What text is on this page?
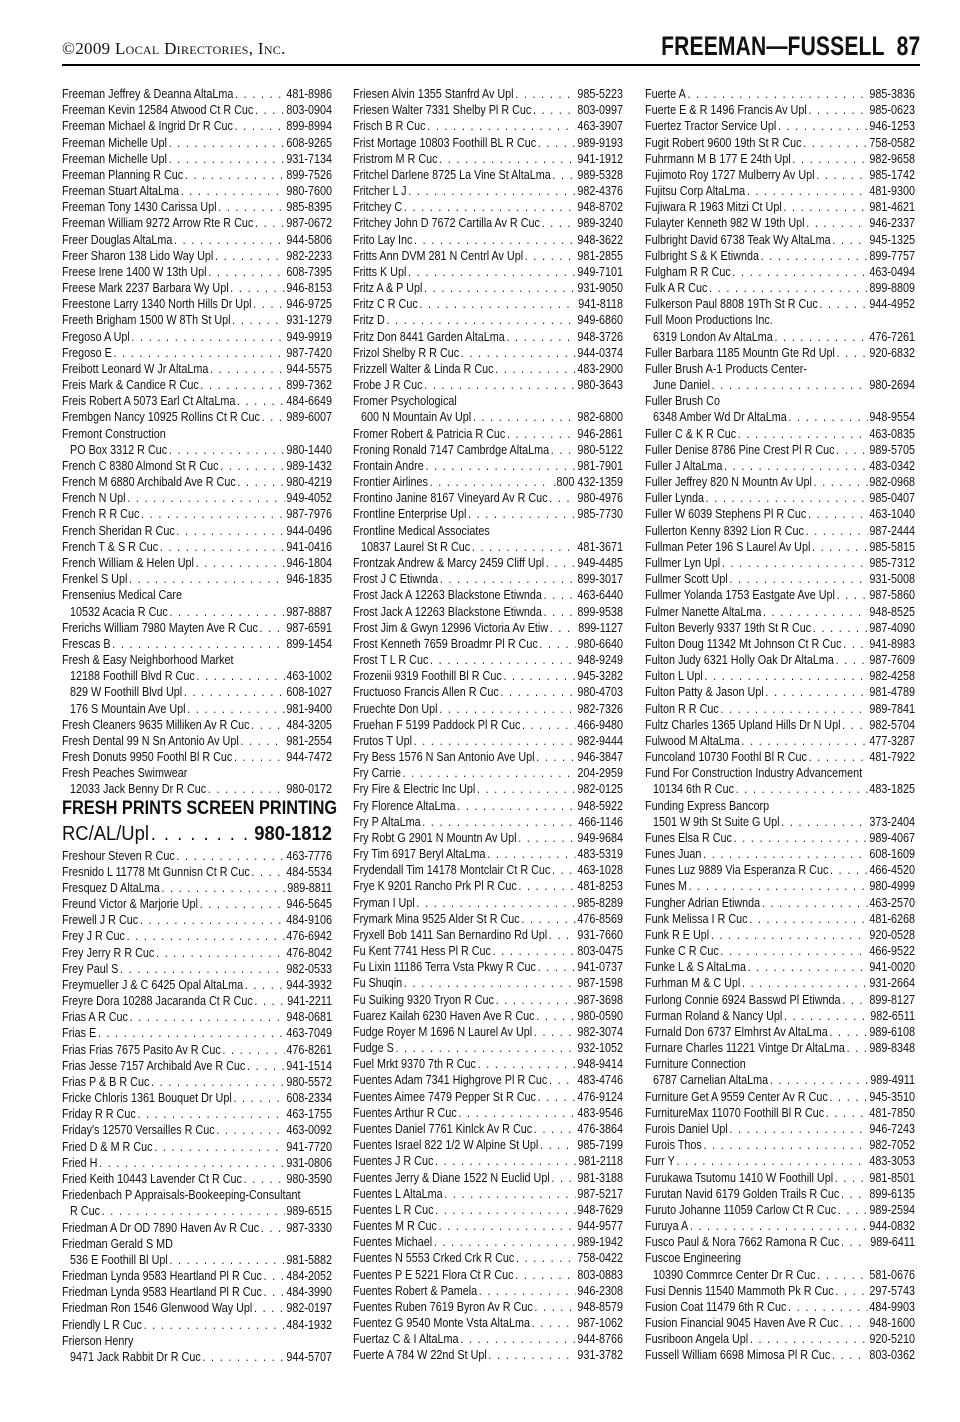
©2009 Local Directories, Inc.	FREEMAN—FUSSELL 87
Freeman Jeffrey & Deanna AltaLma . . .	481-8986
Freeman Kevin 12584 Atwood Ct R Cuc . . .	803-0904
Freeman Michael & Ingrid Dr R Cuc . . .	899-8994
Freeman Michelle Upl . . .	608-9265
Freeman Michelle Upl . . .	931-7134
Freeman Planning R Cuc . . .	899-7526
Freeman Stuart AltaLma . . .	980-7600
Freeman Tony 1430 Carissa Upl . . .	985-8395
Freeman William 9272 Arrow Rte R Cuc . . .	987-0672
Freer Douglas AltaLma . . .	944-5806
Freer Sharon 138 Lido Way Upl . . .	982-2233
Freese Irene 1400 W 13th Upl . . .	608-7395
Freese Mark 2237 Barbara Wy Upl . . .	946-8153
Freestone Larry 1340 North Hills Dr Upl . . .	946-9725
Freeth Brigham 1500 W 8Th St Upl . . .	931-1279
Fregoso A Upl . . .	949-9919
Fregoso E . . .	987-7420
Freibott Leonard W Jr AltaLma . . .	944-5575
Freis Mark & Candice R Cuc . . .	899-7362
Freis Robert A 5073 Earl Ct AltaLma . . .	484-6649
Frembgen Nancy 10925 Rollins Ct R Cuc . . . 989-6007
Fremont Construction
PO Box 3312 R Cuc . . .	980-1440
French C 8380 Almond St R Cuc . . .	989-1432
French M 6880 Archibald Ave R Cuc . . .	980-4219
French N Upl . . .	949-4052
French R R Cuc . . .	987-7976
French Sheridan R Cuc . . .	944-0496
French T & S R Cuc . . .	941-0416
French William & Helen Upl . . .	946-1804
Frenkel S Upl . . .	946-1835
Frensenius Medical Care
10532 Acacia R Cuc . . .	987-8887
Frerichs William 7980 Mayten Ave R Cuc . . . 987-6591
Frescas B . . .	899-1454
Fresh & Easy Neighborhood Market
12188 Foothill Blvd R Cuc . . .	463-1002
829 W Foothill Blvd Upl . . .	608-1027
176 S Mountain Ave Upl . . .	981-9400
Fresh Cleaners 9635 Milliken Av R Cuc . . .	484-3205
Fresh Dental 99 N Sn Antonio Av Upl . . .	981-2554
Fresh Donuts 9950 Foothl Bl R Cuc . . .	944-7472
Fresh Peaches Swimwear
12033 Jack Benny Dr R Cuc . . .	980-0172
FRESH PRINTS SCREEN PRINTING
RC/AL/Upl . . .	980-1812
Freshour Steven R Cuc . . .	463-7776
Fresnido L 11778 Mt Gunnisn Ct R Cuc . . .	484-5534
Fresquez D AltaLma . . .	989-8811
Freund Victor & Marjorie Upl . . .	946-5645
Frewell J R Cuc . . .	484-9106
Frey J R Cuc . . .	476-6942
Frey Jerry R R Cuc . . .	476-8042
Frey Paul S . . .	982-0533
Freymueller J & C 6425 Opal AltaLma . . .	944-3932
Freyre Dora 10288 Jacaranda Ct R Cuc . . .	941-2211
Frias A R Cuc . . .	948-0681
Frias E . . .	463-7049
Frias Frias 7675 Pasito Av R Cuc . . .	476-8261
Frias Jesse 7157 Archibald Ave R Cuc . . .	941-1514
Frias P & B R Cuc . . .	980-5572
Fricke Chloris 1361 Bouquet Dr Upl . . .	608-2334
Friday R R Cuc . . .	463-1755
Friday's 12570 Versailles R Cuc . . .	463-0092
Fried D & M R Cuc . . .	941-7720
Fried H . . .	931-0806
Fried Keith 10443 Lavender Ct R Cuc . . .	980-3590
Friedenbach P Appraisals-Bookeeping-Consultant
R Cuc . . .	989-6515
Friedman A Dr OD 7890 Haven Av R Cuc . . . 987-3330
Friedman Gerald S MD
536 E Foothill Bl Upl . . .	981-5882
Friedman Lynda 9583 Heartland Pl R Cuc . . . 484-2052
Friedman Lynda 9583 Heartland Pl R Cuc . . . 484-3990
Friedman Ron 1546 Glenwood Way Upl . . .	982-0197
Friendly L R Cuc . . .	484-1932
Frierson Henry
9471 Jack Rabbit Dr R Cuc . . .	944-5707
Friesen Alvin 1355 Stanfrd Av Upl . . .	985-5223
Friesen Walter 7331 Shelby Pl R Cuc . . .	803-0997
Frisch B R Cuc . . .	463-3907
Frist Mortage 10803 Foothill BL R Cuc . . .	989-9193
Fristrom M R Cuc . . .	941-1912
Fritchel Darlene 8725 La Vine St AltaLma . . . 989-5328
Fritcher L J . . .	982-4376
Fritchey C . . .	948-8702
Fritchey John D 7672 Cartilla Av R Cuc . . .	989-3240
Frito Lay Inc . . .	948-3622
Fritts Ann DVM 281 N Centrl Av Upl . . .	981-2855
Fritts K Upl . . .	949-7101
Fritz A & P Upl . . .	931-9050
Fritz C R Cuc . . .	941-8118
Fritz D . . .	949-6860
Fritz Don 8441 Garden AltaLma . . .	948-3726
Frizol Shelby R R Cuc . . .	944-0374
Frizzell Walter & Linda R Cuc . . .	483-2900
Frobe J R Cuc . . .	980-3643
Fromer Psychological
600 N Mountain Av Upl . . .	982-6800
Fromer Robert & Patricia R Cuc . . .	946-2861
Froning Ronald 7147 Cambrdge AltaLma . . . 980-5122
Frontain Andre . . .	981-7901
Frontier Airlines . . .	.800 432-1359
Frontino Janine 8167 Vineyard Av R Cuc . . . 980-4976
Frontline Enterprise Upl . . .	985-7730
Frontline Medical Associates
10837 Laurel St R Cuc . . .	481-3671
Frontzak Andrew & Marcy 2459 Cliff Upl . . .	949-4485
Frost J C Etiwnda . . .	899-3017
Frost Jack A 12263 Blackstone Etiwnda . . .	463-6440
Frost Jack A 12263 Blackstone Etiwnda . . .	899-9538
Frost Jim & Gwyn 12996 Victoria Av Etiw . . . 899-1127
Frost Kenneth 7659 Broadmr Pl R Cuc . . .	980-6640
Frost T L R Cuc . . .	948-9249
Frozenii 9319 Foothill Bl R Cuc . . .	945-3282
Fructuoso Francis Allen R Cuc . . .	980-4703
Fruechte Don Upl . . .	982-7326
Fruehan F 5199 Paddock Pl R Cuc . . .	466-9480
Frutos T Upl . . .	982-9444
Fry Bess 1576 N San Antonio Ave Upl . . .	946-3847
Fry Carrie . . .	204-2959
Fry Fire & Electric Inc Upl . . .	982-0125
Fry Florence AltaLma . . .	948-5922
Fry P AltaLma . . .	466-1146
Fry Robt G 2901 N Mountn Av Upl . . .	949-9684
Fry Tim 6917 Beryl AltaLma . . .	483-5319
Frydendall Tim 14178 Montclair Ct R Cuc . . . 463-1028
Frye K 9201 Rancho Prk Pl R Cuc . . .	481-8253
Fryman I Upl . . .	985-8289
Frymark Mina 9525 Alder St R Cuc . . .	476-8569
Fryxell Bob 1411 San Bernardino Rd Upl . . . 931-7660
Fu Kent 7741 Hess Pl R Cuc . . .	803-0475
Fu Lixin 11186 Terra Vsta Pkwy R Cuc . . .	941-0737
Fu Shuqin . . .	987-1598
Fu Suiking 9320 Tryon R Cuc . . .	987-3698
Fuarez Kailah 6230 Haven Ave R Cuc . . .	980-0590
Fudge Royer M 1696 N Laurel Av Upl . . .	982-3074
Fudge S . . .	932-1052
Fuel Mrkt 9370 7th R Cuc . . .	948-9414
Fuentes Adam 7341 Highgrove Pl R Cuc . . . 483-4746
Fuentes Aimee 7479 Pepper St R Cuc . . .	476-9124
Fuentes Arthur R Cuc . . .	483-9546
Fuentes Daniel 7761 Kinlck Av R Cuc . . .	476-3864
Fuentes Israel 822 1/2 W Alpine St Upl . . .	985-7199
Fuentes J R Cuc . . .	981-2118
Fuentes Jerry & Diane 1522 N Euclid Upl . . . 981-3188
Fuentes L AltaLma . . .	987-5217
Fuentes L R Cuc . . .	948-7629
Fuentes M R Cuc . . .	944-9577
Fuentes Michael . . .	989-1942
Fuentes N 5553 Crked Crk R Cuc . . .	758-0422
Fuentes P E 5221 Flora Ct R Cuc . . .	803-0883
Fuentes Robert & Pamela . . .	946-2308
Fuentes Ruben 7619 Byron Av R Cuc . . .	948-8579
Fuentez G 9540 Monte Vsta AltaLma . . .	987-1062
Fuertaz C & I AltaLma . . .	944-8766
Fuerte A 784 W 22nd St Upl . . .	931-3782
Fuerte A . . .	985-3836
Fuerte E & R 1496 Francis Av Upl . . .	985-0623
Fuertez Tractor Service Upl . . .	946-1253
Fugit Robert 9600 19th St R Cuc . . .	758-0582
Fuhrmann M B 177 E 24th Upl . . .	982-9658
Fujimoto Roy 1727 Mulberry Av Upl . . .	985-1742
Fujitsu Corp AltaLma . . .	481-9300
Fujiwara R 1963 Mitzi Ct Upl . . .	981-4621
Fulayter Kenneth 982 W 19th Upl . . .	946-2337
Fulbright David 6738 Teak Wy AltaLma . . .	945-1325
Fulbright S & K Etiwnda . . .	899-7757
Fulgham R R Cuc . . .	463-0494
Fulk A R Cuc . . .	899-8809
Fulkerson Paul 8808 19Th St R Cuc . . .	944-4952
Full Moon Productions Inc.
6319 London Av AltaLma . . .	476-7261
Fuller Barbara 1185 Mountn Gte Rd Upl . . .	920-6832
Fuller Brush A-1 Products Center-
June Daniel . . .	980-2694
Fuller Brush Co
6348 Amber Wd Dr AltaLma . . .	948-9554
Fuller C & K R Cuc . . .	463-0835
Fuller Denise 8786 Pine Crest Pl R Cuc . . .	989-5705
Fuller J AltaLma . . .	483-0342
Fuller Jeffrey 820 N Mountn Av Upl . . .	982-0968
Fuller Lynda . . .	985-0407
Fuller W 6039 Stephens Pl R Cuc . . .	463-1040
Fullerton Kenny 8392 Lion R Cuc . . .	987-2444
Fullman Peter 196 S Laurel Av Upl . . .	985-5815
Fullmer Lyn Upl . . .	985-7312
Fullmer Scott Upl . . .	931-5008
Fullmer Yolanda 1753 Eastgate Ave Upl . . .	987-5860
Fulmer Nanette AltaLma . . .	948-8525
Fulton Beverly 9337 19th St R Cuc . . .	987-4090
Fulton Doug 11342 Mt Johnson Ct R Cuc . . . 941-8983
Fulton Judy 6321 Holly Oak Dr AltaLma . . .	987-7609
Fulton L Upl . . .	982-4258
Fulton Patty & Jason Upl . . .	981-4789
Fulton R R Cuc . . .	989-7841
Fultz Charles 1365 Upland Hills Dr N Upl . . . 982-5704
Fulwood M AltaLma . . .	477-3287
Funcoland 10730 Foothl Bl R Cuc . . .	481-7922
Fund For Construction Industry Advancement
10134 6th R Cuc . . .	483-1825
Funding Express Bancorp
1501 W 9th St Suite G Upl . . .	373-2404
Funes Elsa R Cuc . . .	989-4067
Funes Juan . . .	608-1609
Funes Luz 9889 Via Esperanza R Cuc . . .	466-4520
Funes M . . .	980-4999
Fungher Adrian Etiwnda . . .	463-2570
Funk Melissa I R Cuc . . .	481-6268
Funk R E Upl . . .	920-0528
Funke C R Cuc . . .	466-9522
Funke L & S AltaLma . . .	941-0020
Furhman M & C Upl . . .	931-2664
Furlong Connie 6924 Basswd Pl Etiwnda . . . 899-8127
Furman Roland & Nancy Upl . . .	982-6511
Furnald Don 6737 Elmhrst Av AltaLma . . .	989-6108
Furnare Charles 11221 Vintge Dr AltaLma . . . 989-8348
Furniture Connection
6787 Carnelian AltaLma . . .	989-4911
Furniture Get A 9559 Center Av R Cuc . . .	945-3510
FurnitureMax 11070 Foothill Bl R Cuc . . .	481-7850
Furois Daniel Upl . . .	946-7243
Furois Thos . . .	982-7052
Furr Y . . .	483-3053
Furukawa Tsutomu 1410 W Foothill Upl . . .	981-8501
Furutan Navid 6179 Golden Trails R Cuc . . . 899-6135
Furuto Johanne 11059 Carlow Ct R Cuc . . .	989-2594
Furuya A . . .	944-0832
Fusco Paul & Nora 7662 Ramona R Cuc . . . 989-6411
Fuscoe Engineering
10390 Commrce Center Dr R Cuc . . .	581-0676
Fusi Dennis 11540 Mammoth Pk R Cuc . . .	297-5743
Fusion Coat 11479 6th R Cuc . . .	484-9903
Fusion Financial 9045 Haven Ave R Cuc . . . 948-1600
Fusriboon Angela Upl . . .	920-5210
Fussell William 6698 Mimosa Pl R Cuc . . .	803-0362
